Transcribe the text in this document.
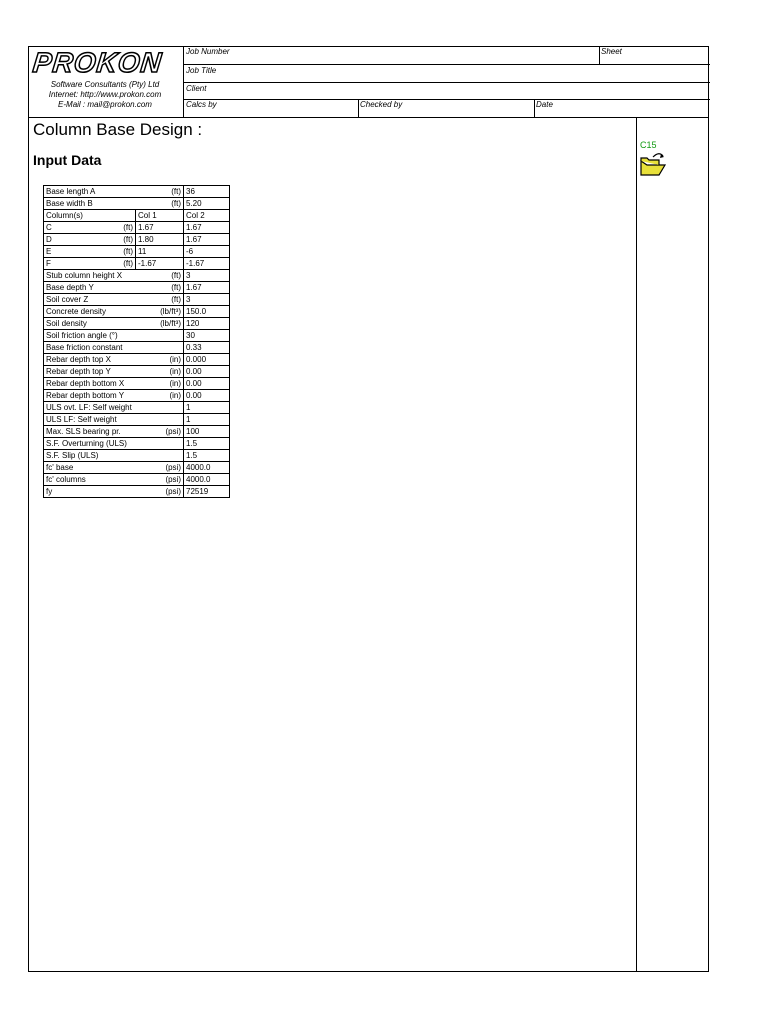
PROKON
Software Consultants (Pty) Ltd
Internet: http://www.prokon.com
E-Mail : mail@prokon.com
Job Number	Sheet
Job Title
Client
Calcs by	Checked by	Date
Column Base Design :
Input Data
C15
Base length A (ft)		36
Base width B (ft)		5.20
Column(s)	Col 1	Col 2
C (ft)	1.67	1.67
D (ft)	1.80	1.67
E (ft)	11	-6
F (ft)	-1.67	-1.67
Stub column height X (ft)		3
Base depth Y (ft)		1.67
Soil cover Z (ft)		3
Concrete density (lb/ft³)		150.0
Soil density (lb/ft³)		120
Soil friction angle (°)		30
Base friction constant		0.33
Rebar depth top X (in)		0.000
Rebar depth top Y (in)		0.00
Rebar depth bottom X (in)		0.00
Rebar depth bottom Y (in)		0.00
ULS ovt. LF: Self weight		1
ULS LF: Self weight		1
Max. SLS bearing pr. (psi)		100
S.F. Overturning (ULS)		1.5
S.F. Slip (ULS)		1.5
fc' base (psi)		4000.0
fc' columns (psi)		4000.0
fy (psi)		72519
